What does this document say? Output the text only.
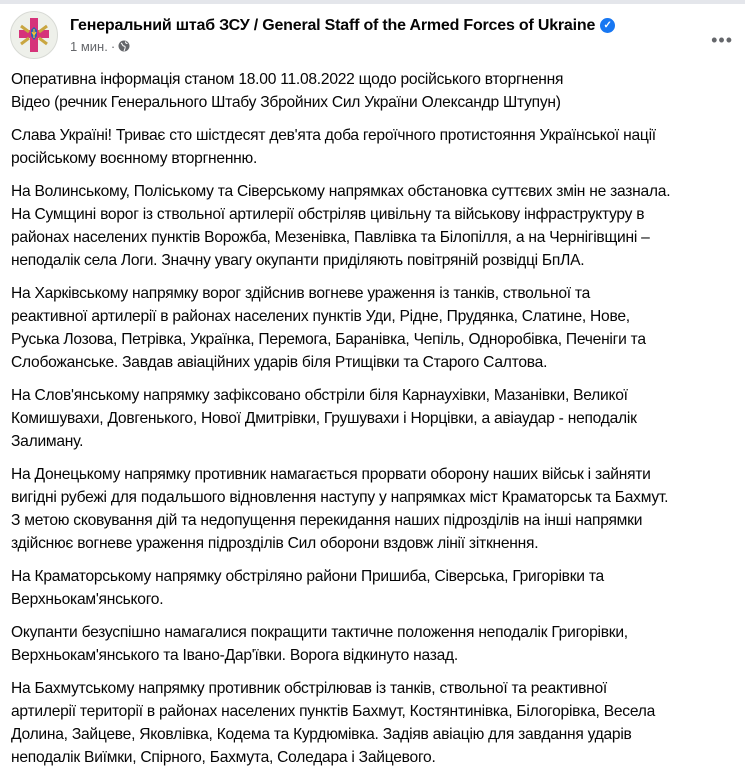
Генеральний штаб ЗСУ / General Staff of the Armed Forces of Ukraine ✓
1 мин. ·	•••
Оперативна інформація станом 18.00 11.08.2022 щодо російського вторгнення
Відео (речник Генерального Штабу Збройних Сил України Олександр Штупун)
Слава Україні! Триває сто шістдесят дев'ята доба героїчного протистояння Української нації
російському воєнному вторгненню.
На Волинському, Поліському та Сіверському напрямках обстановка суттєвих змін не зазнала.
На Сумщині ворог із ствольної артилерії обстріляв цивільну та військову інфраструктуру в
районах населених пунктів Ворожба, Мезенівка, Павлівка та Білопілля, а на Чернігівщині –
неподалік села Логи. Значну увагу окупанти приділяють повітряній розвідці БпЛА.
На Харківському напрямку ворог здійснив вогневе ураження із танків, ствольної та
реактивної артилерії в районах населених пунктів Уди, Рідне, Прудянка, Слатине, Нове,
Руська Лозова, Петрівка, Українка, Перемога, Баранівка, Чепіль, Одноробівка, Печеніги та
Слобожанське. Завдав авіаційних ударів біля Ртищівки та Старого Салтова.
На Слов'янському напрямку зафіксовано обстріли біля Карнаухівки, Мазанівки, Великої
Комишувахи, Довгенького, Нової Дмитрівки, Грушувахи і Норцівки, а авіаудар - неподалік
Залиману.
На Донецькому напрямку противник намагається прорвати оборону наших військ і зайняти
вигідні рубежі для подальшого відновлення наступу у напрямках міст Краматорськ та Бахмут.
З метою сковування дій та недопущення перекидання наших підрозділів на інші напрямки
здійснює вогневе ураження підрозділів Сил оборони вздовж лінії зіткнення.
На Краматорському напрямку обстріляно райони Пришиба, Сіверська, Григорівки та
Верхньокам'янського.
Окупанти безуспішно намагалися покращити тактичне положення неподалік Григорівки,
Верхньокам'янського та Івано-Дар'ївки. Ворога відкинуто назад.
На Бахмутському напрямку противник обстрілював із танків, ствольної та реактивної
артилерії території в районах населених пунктів Бахмут, Костянтинівка, Білогорівка, Весела
Долина, Зайцеве, Яковлівка, Кодема та Курдюмівка. Задіяв авіацію для завдання ударів
неподалік Виїмки, Спірного, Бахмута, Соледара і Зайцевого.
